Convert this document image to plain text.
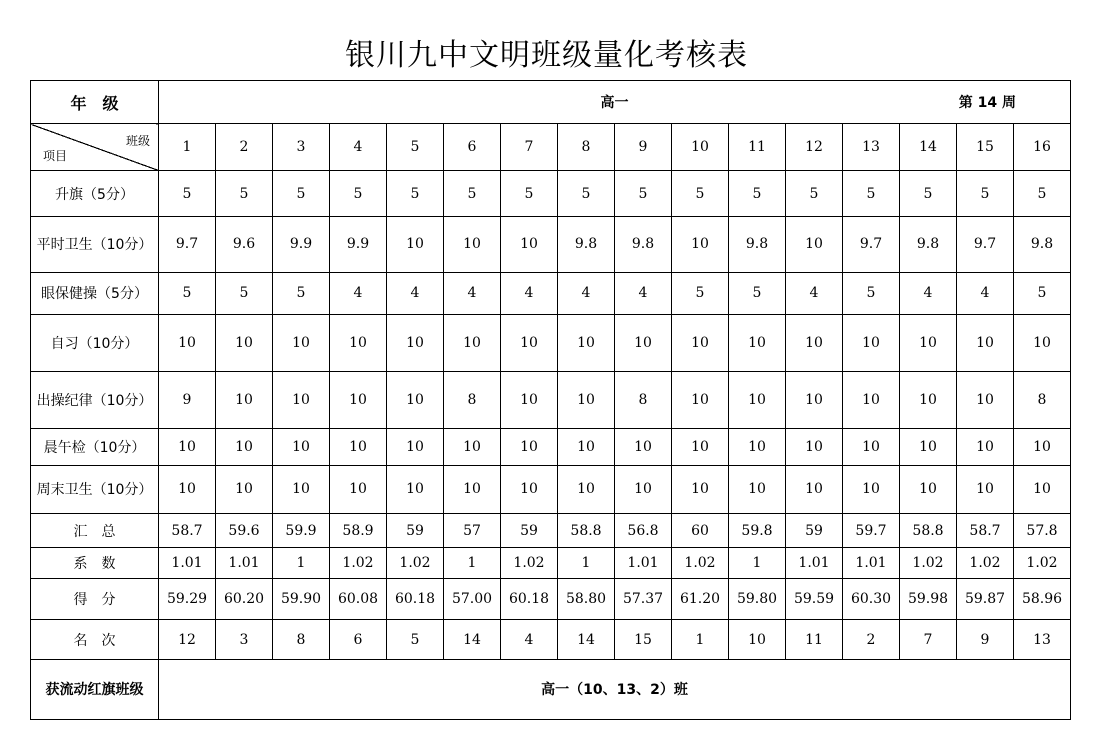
银川九中文明班级量化考核表
年　级	高一 第 14 周															

班级
项目	1	2	3	4	5	6	7	8	9	10	11	12	13	14	15	16
升旗（5分）	5	5	5	5	5	5	5	5	5	5	5	5	5	5	5	5
平时卫生（10分）	9.7	9.6	9.9	9.9	10	10	10	9.8	9.8	10	9.8	10	9.7	9.8	9.7	9.8
眼保健操（5分）	5	5	5	4	4	4	4	4	4	5	5	4	5	4	4	5
自习（10分）	10	10	10	10	10	10	10	10	10	10	10	10	10	10	10	10
出操纪律（10分）	9	10	10	10	10	8	10	10	8	10	10	10	10	10	10	8
晨午检（10分）	10	10	10	10	10	10	10	10	10	10	10	10	10	10	10	10
周末卫生（10分）	10	10	10	10	10	10	10	10	10	10	10	10	10	10	10	10
汇　总	58.7	59.6	59.9	58.9	59	57	59	58.8	56.8	60	59.8	59	59.7	58.8	58.7	57.8
系　数	1.01	1.01	1	1.02	1.02	1	1.02	1	1.01	1.02	1	1.01	1.01	1.02	1.02	1.02
得　分	59.29	60.20	59.90	60.08	60.18	57.00	60.18	58.80	57.37	61.20	59.80	59.59	60.30	59.98	59.87	58.96
名　次	12	3	8	6	5	14	4	14	15	1	10	11	2	7	9	13
获流动红旗班级	高一（10、13、2）班															
